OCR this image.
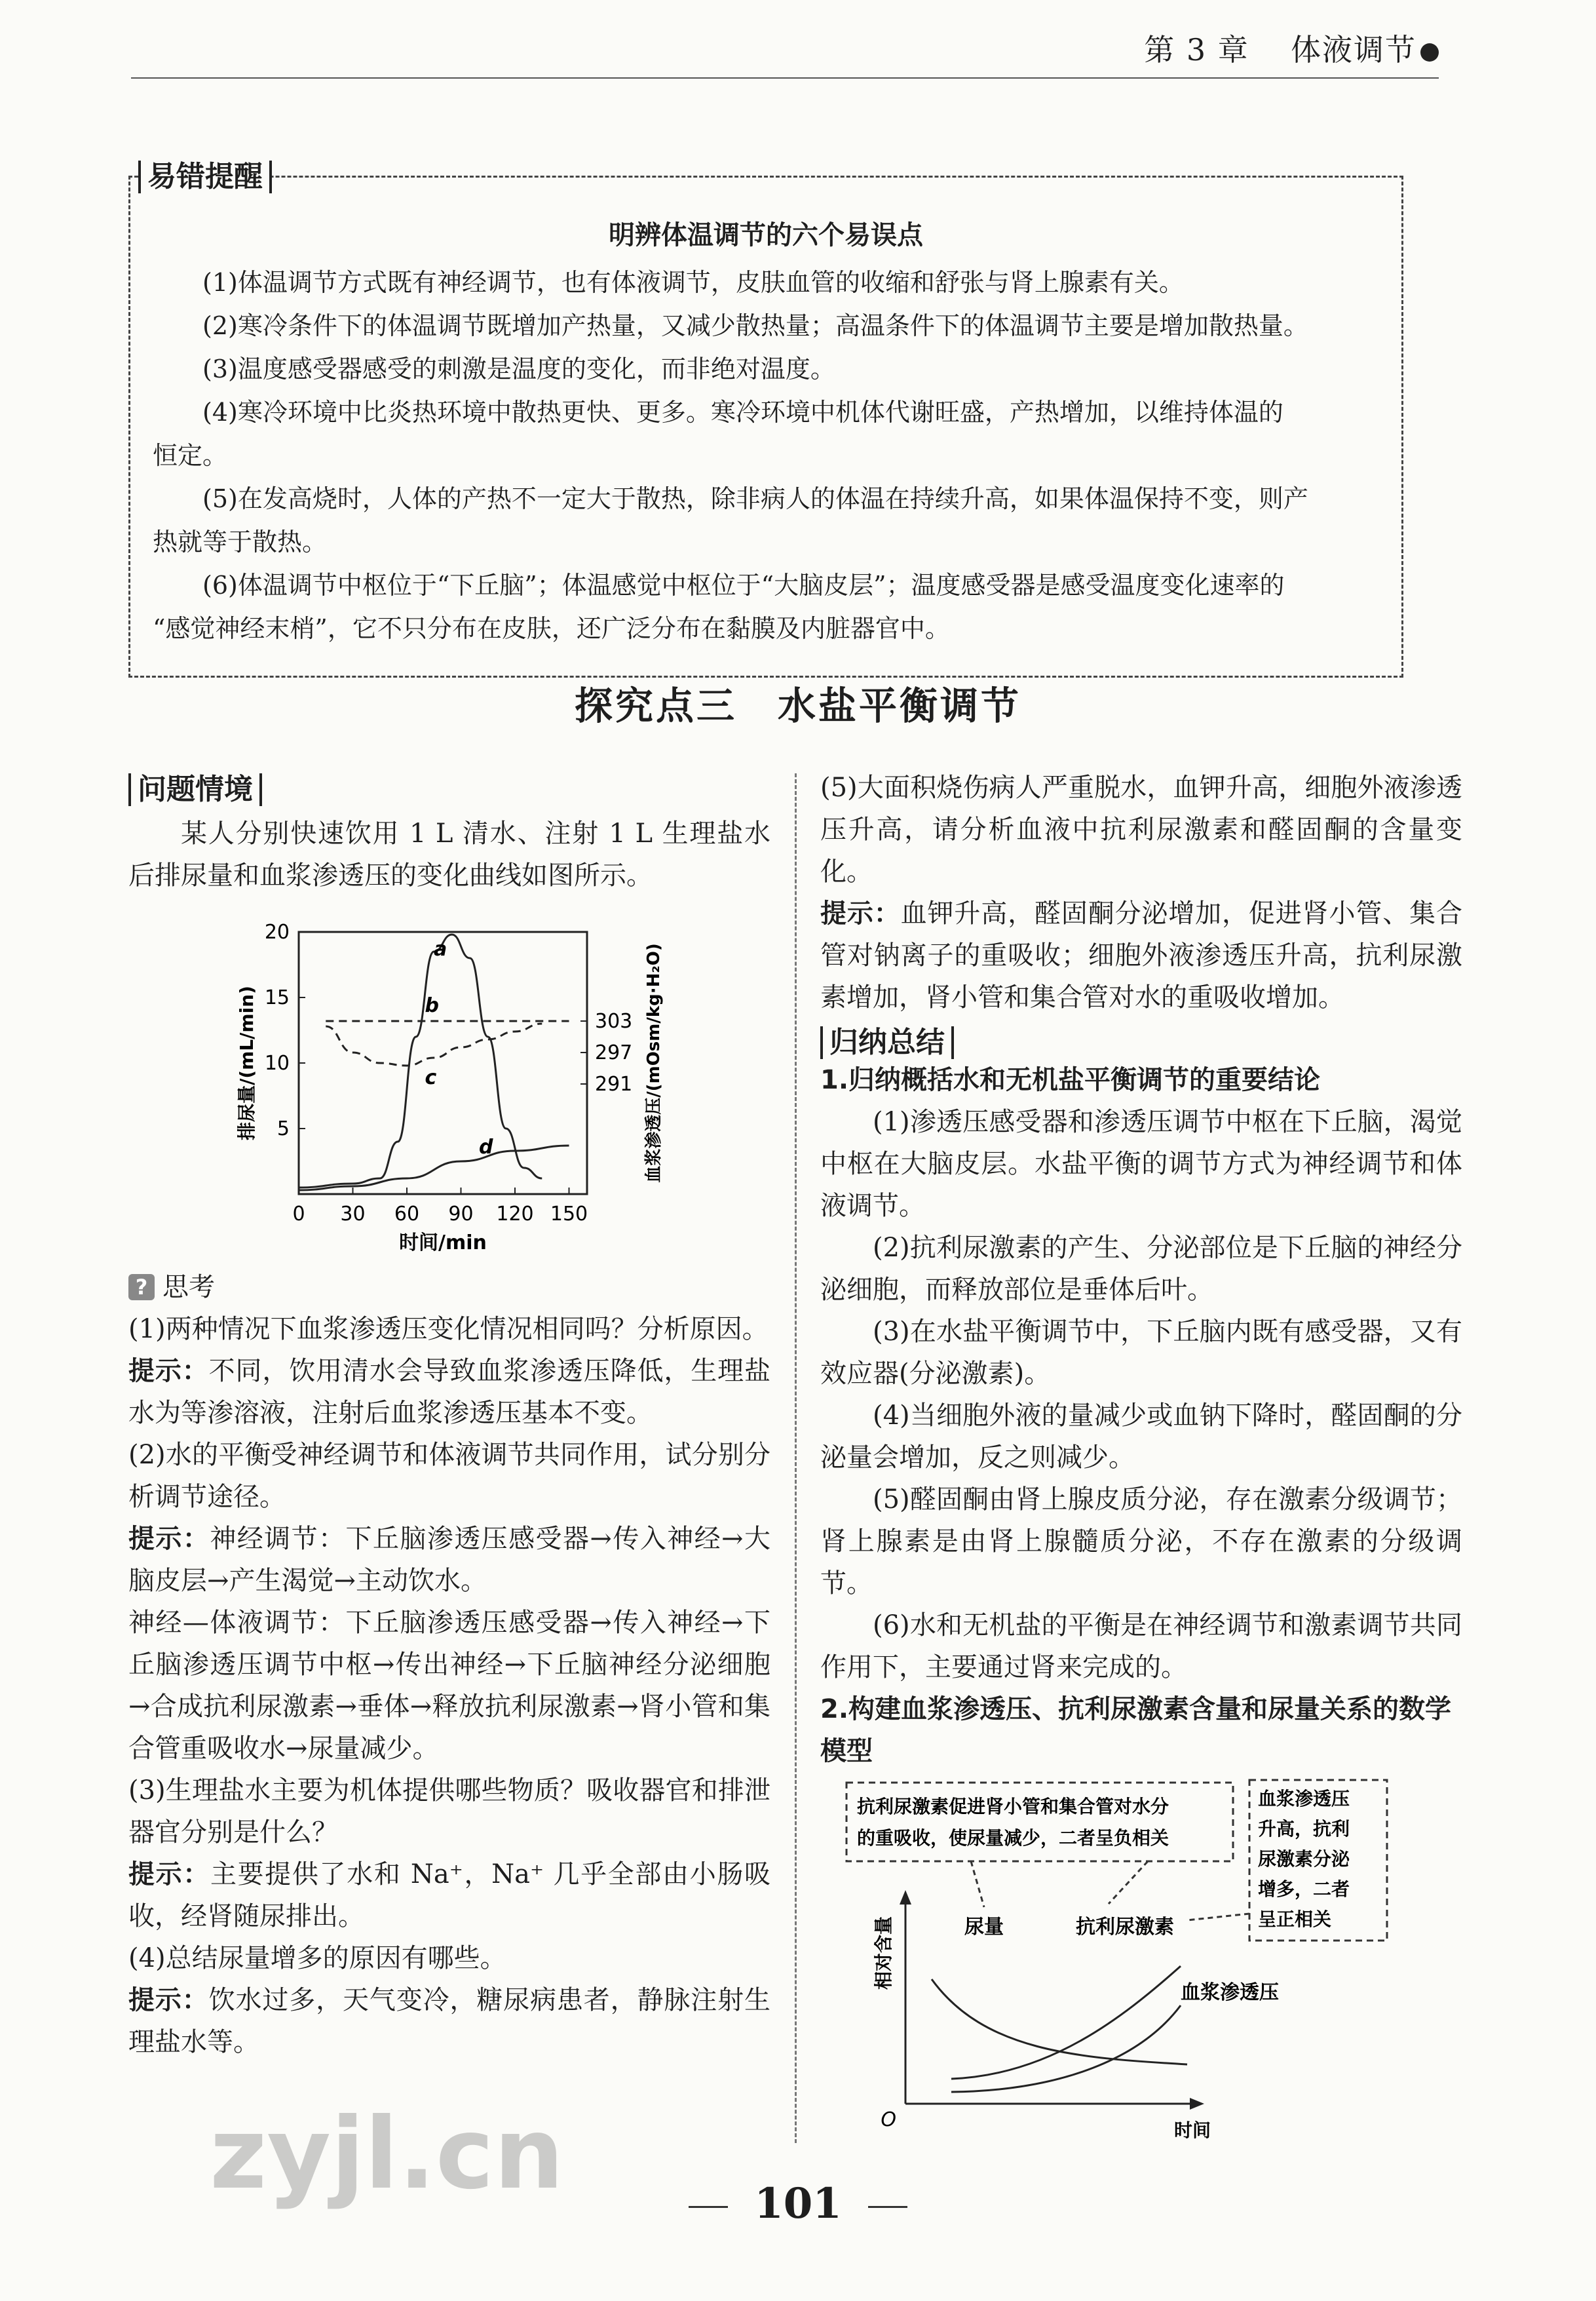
第 3 章 体液调节
易错提醒
明辨体温调节的六个易误点
(1)体温调节方式既有神经调节，也有体液调节，皮肤血管的收缩和舒张与肾上腺素有关。
(2)寒冷条件下的体温调节既增加产热量，又减少散热量；高温条件下的体温调节主要是增加散热量。
(3)温度感受器感受的刺激是温度的变化，而非绝对温度。
(4)寒冷环境中比炎热环境中散热更快、更多。寒冷环境中机体代谢旺盛，产热增加，以维持体温的
恒定。
(5)在发高烧时，人体的产热不一定大于散热，除非病人的体温在持续升高，如果体温保持不变，则产
热就等于散热。
(6)体温调节中枢位于“下丘脑”；体温感觉中枢位于“大脑皮层”；温度感受器是感受温度变化速率的
“感觉神经末梢”，它不只分布在皮肤，还广泛分布在黏膜及内脏器官中。
探究点三　水盐平衡调节
问题情境

某人分别快速饮用 1 L 清水、注射 1 L 生理盐水后排尿量和血浆渗透压的变化曲线如图所示。

0 30 60 90 120 150
5
10
15
20
291
297
303
时间/min
排尿量/(mL/min)	血浆渗透压/(mOsm/kg·H₂O)
a
b
c
d
? 思考

(1)两种情况下血浆渗透压变化情况相同吗？分析原因。

提示：不同，饮用清水会导致血浆渗透压降低，生理盐水为等渗溶液，注射后血浆渗透压基本不变。

(2)水的平衡受神经调节和体液调节共同作用，试分别分析调节途径。

提示：神经调节：下丘脑渗透压感受器→传入神经→大脑皮层→产生渴觉→主动饮水。

神经—体液调节：下丘脑渗透压感受器→传入神经→下丘脑渗透压调节中枢→传出神经→下丘脑神经分泌细胞→合成抗利尿激素→垂体→释放抗利尿激素→肾小管和集合管重吸收水→尿量减少。

(3)生理盐水主要为机体提供哪些物质？吸收器官和排泄器官分别是什么？

提示：主要提供了水和 Na⁺，Na⁺ 几乎全部由小肠吸收，经肾随尿排出。

(4)总结尿量增多的原因有哪些。

提示：饮水过多，天气变冷，糖尿病患者，静脉注射生理盐水等。

(5)大面积烧伤病人严重脱水，血钾升高，细胞外液渗透压升高，请分析血液中抗利尿激素和醛固酮的含量变化。

提示：血钾升高，醛固酮分泌增加，促进肾小管、集合管对钠离子的重吸收；细胞外液渗透压升高，抗利尿激素增加，肾小管和集合管对水的重吸收增加。

归纳总结
1.归纳概括水和无机盐平衡调节的重要结论

(1)渗透压感受器和渗透压调节中枢在下丘脑，渴觉中枢在大脑皮层。水盐平衡的调节方式为神经调节和体液调节。

(2)抗利尿激素的产生、分泌部位是下丘脑的神经分泌细胞，而释放部位是垂体后叶。

(3)在水盐平衡调节中，下丘脑内既有感受器，又有效应器(分泌激素)。

(4)当细胞外液的量减少或血钠下降时，醛固酮的分泌量会增加，反之则减少。

(5)醛固酮由肾上腺皮质分泌，存在激素分级调节；肾上腺素是由肾上腺髓质分泌，不存在激素的分级调节。

(6)水和无机盐的平衡是在神经调节和激素调节共同作用下，主要通过肾来完成的。

2.构建血浆渗透压、抗利尿激素含量和尿量关系的数学模型
O	时间
相对含量	尿量	抗利尿激素
血浆渗透压
抗利尿激素促进肾小管和集合管对水分
的重吸收，使尿量减少，二者呈负相关
血浆渗透压
升高，抗利
尿激素分泌
增多，二者
呈正相关
101
zyjl.cn
